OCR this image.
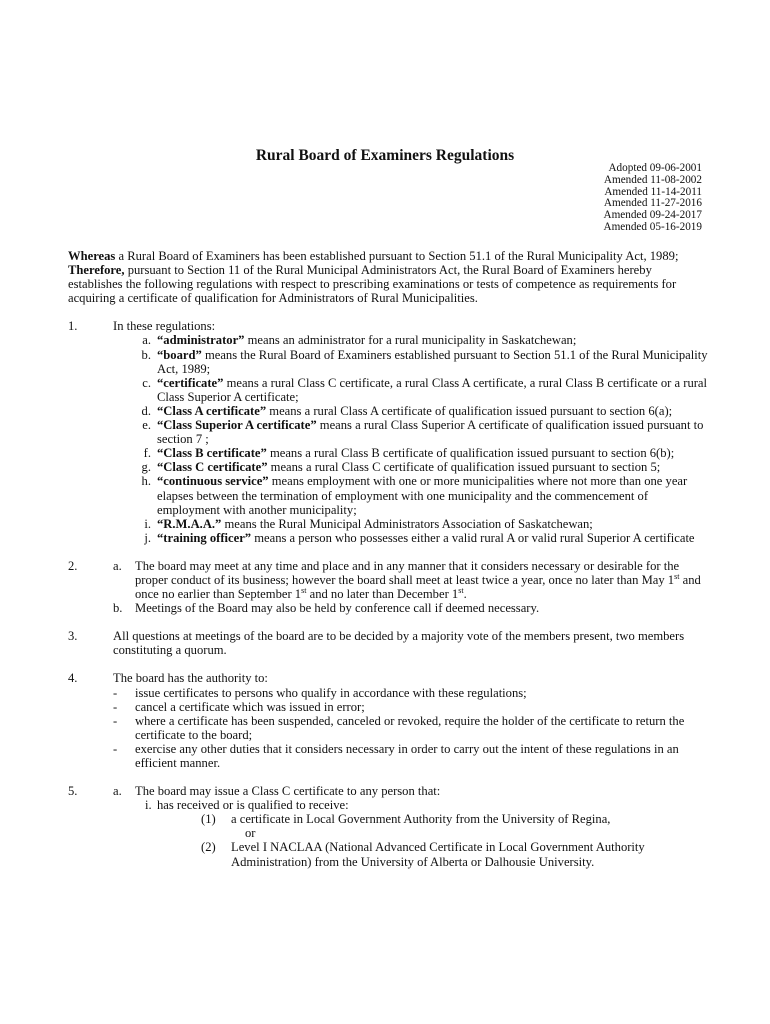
Rural Board of Examiners Regulations
Adopted 09-06-2001
Amended 11-08-2002
Amended 11-14-2011
Amended 11-27-2016
Amended 09-24-2017
Amended 05-16-2019

Whereas a Rural Board of Examiners has been established pursuant to Section 51.1 of the Rural Municipality Act, 1989;

Therefore, pursuant to Section 11 of the Rural Municipal Administrators Act, the Rural Board of Examiners hereby establishes the following regulations with respect to prescribing examinations or tests of competence as requirements for acquiring a certificate of qualification for Administrators of Rural Municipalities.

1.	In these regulations:
a. “administrator” means an administrator for a rural municipality in Saskatchewan;
b. “board” means the Rural Board of Examiners established pursuant to Section 51.1 of the Rural Municipality Act, 1989;
c. “certificate” means a rural Class C certificate, a rural Class A certificate, a rural Class B certificate or a rural Class Superior A certificate;
d. “Class A certificate” means a rural Class A certificate of qualification issued pursuant to section 6(a);
e. “Class Superior A certificate” means a rural Class Superior A certificate of qualification issued pursuant to section 7 ;
f. “Class B certificate” means a rural Class B certificate of qualification issued pursuant to section 6(b);
g. “Class C certificate” means a rural Class C certificate of qualification issued pursuant to section 5;
h. “continuous service” means employment with one or more municipalities where not more than one year elapses between the termination of employment with one municipality and the commencement of employment with another municipality;
i. “R.M.A.A.” means the Rural Municipal Administrators Association of Saskatchewan;
j. “training officer” means a person who possesses either a valid rural A or valid rural Superior A certificate
2.	a. The board may meet at any time and place and in any manner that it considers necessary or desirable for the proper conduct of its business; however the board shall meet at least twice a year, once no later than May 1st and once no earlier than September 1st and no later than December 1st.
b. Meetings of the Board may also be held by conference call if deemed necessary.
3.	All questions at meetings of the board are to be decided by a majority vote of the members present, two members constituting a quorum.
4.	The board has the authority to:
- issue certificates to persons who qualify in accordance with these regulations;
- cancel a certificate which was issued in error;
- where a certificate has been suspended, canceled or revoked, require the holder of the certificate to return the certificate to the board;
- exercise any other duties that it considers necessary in order to carry out the intent of these regulations in an efficient manner.
5.	a. The board may issue a Class C certificate to any person that:
i. has received or is qualified to receive:
(1) a certificate in Local Government Authority from the University of Regina,
or
(2) Level I NACLAA (National Advanced Certificate in Local Government Authority Administration) from the University of Alberta or Dalhousie University.
